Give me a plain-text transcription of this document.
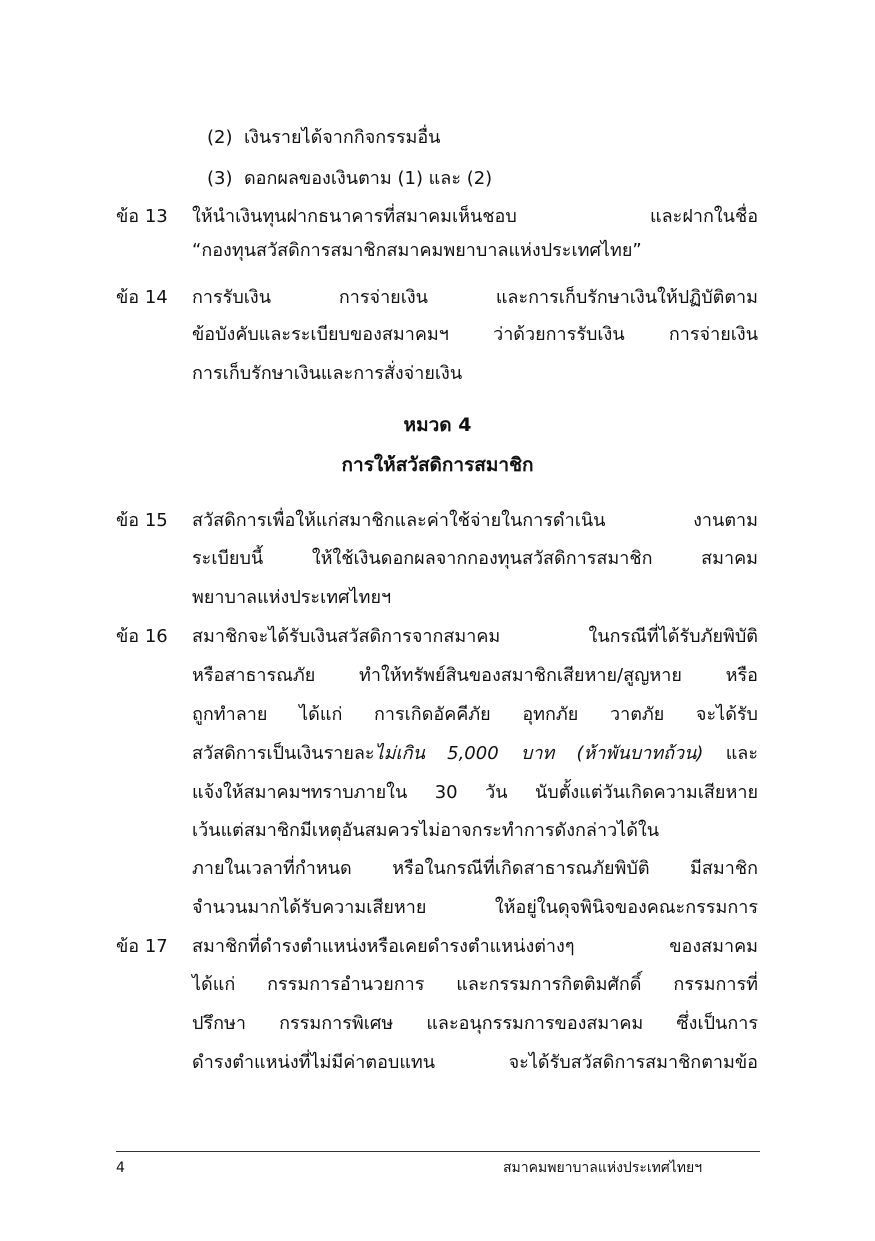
(2) เงินรายได้จากกิจกรรมอื่น
(3) ดอกผลของเงินตาม (1) และ (2)
ข้อ 13 ให้นำเงินทุนฝากธนาคารที่สมาคมเห็นชอบ และฝากในชื่อ
“กองทุนสวัสดิการสมาชิกสมาคมพยาบาลแห่งประเทศไทย”
ข้อ 14 การรับเงิน การจ่ายเงิน และการเก็บรักษาเงินให้ปฏิบัติตาม
ข้อบังคับและระเบียบของสมาคมฯ ว่าด้วยการรับเงิน การจ่ายเงิน
การเก็บรักษาเงินและการสั่งจ่ายเงิน
หมวด 4
การให้สวัสดิการสมาชิก
ข้อ 15 สวัสดิการเพื่อให้แก่สมาชิกและค่าใช้จ่ายในการดำเนิน งานตาม
ระเบียบนี้ ให้ใช้เงินดอกผลจากกองทุนสวัสดิการสมาชิก สมาคม
พยาบาลแห่งประเทศไทยฯ
ข้อ 16 สมาชิกจะได้รับเงินสวัสดิการจากสมาคม ในกรณีที่ได้รับภัยพิบัติ
หรือสาธารณภัย ทำให้ทรัพย์สินของสมาชิกเสียหาย/สูญหาย หรือ
ถูกทำลาย ได้แก่ การเกิดอัคคีภัย อุทกภัย วาตภัย จะได้รับ
สวัสดิการเป็นเงินรายละไม่เกิน 5,000 บาท (ห้าพันบาทถ้วน) และ
แจ้งให้สมาคมฯทราบภายใน 30 วัน นับตั้งแต่วันเกิดความเสียหาย
เว้นแต่สมาชิกมีเหตุอันสมควรไม่อาจกระทำการดังกล่าวได้ใน
ภายในเวลาที่กำหนด หรือในกรณีที่เกิดสาธารณภัยพิบัติ มีสมาชิก
จำนวนมากได้รับความเสียหาย ให้อยู่ในดุจพินิจของคณะกรรมการ
ข้อ 17 สมาชิกที่ดำรงตำแหน่งหรือเคยดำรงตำแหน่งต่างๆ ของสมาคม
ได้แก่ กรรมการอำนวยการ และกรรมการกิตติมศักดิ์ กรรมการที่
ปรึกษา กรรมการพิเศษ และอนุกรรมการของสมาคม ซึ่งเป็นการ
ดำรงตำแหน่งที่ไม่มีค่าตอบแทน จะได้รับสวัสดิการสมาชิกตามข้อ
4	สมาคมพยาบาลแห่งประเทศไทยฯ
